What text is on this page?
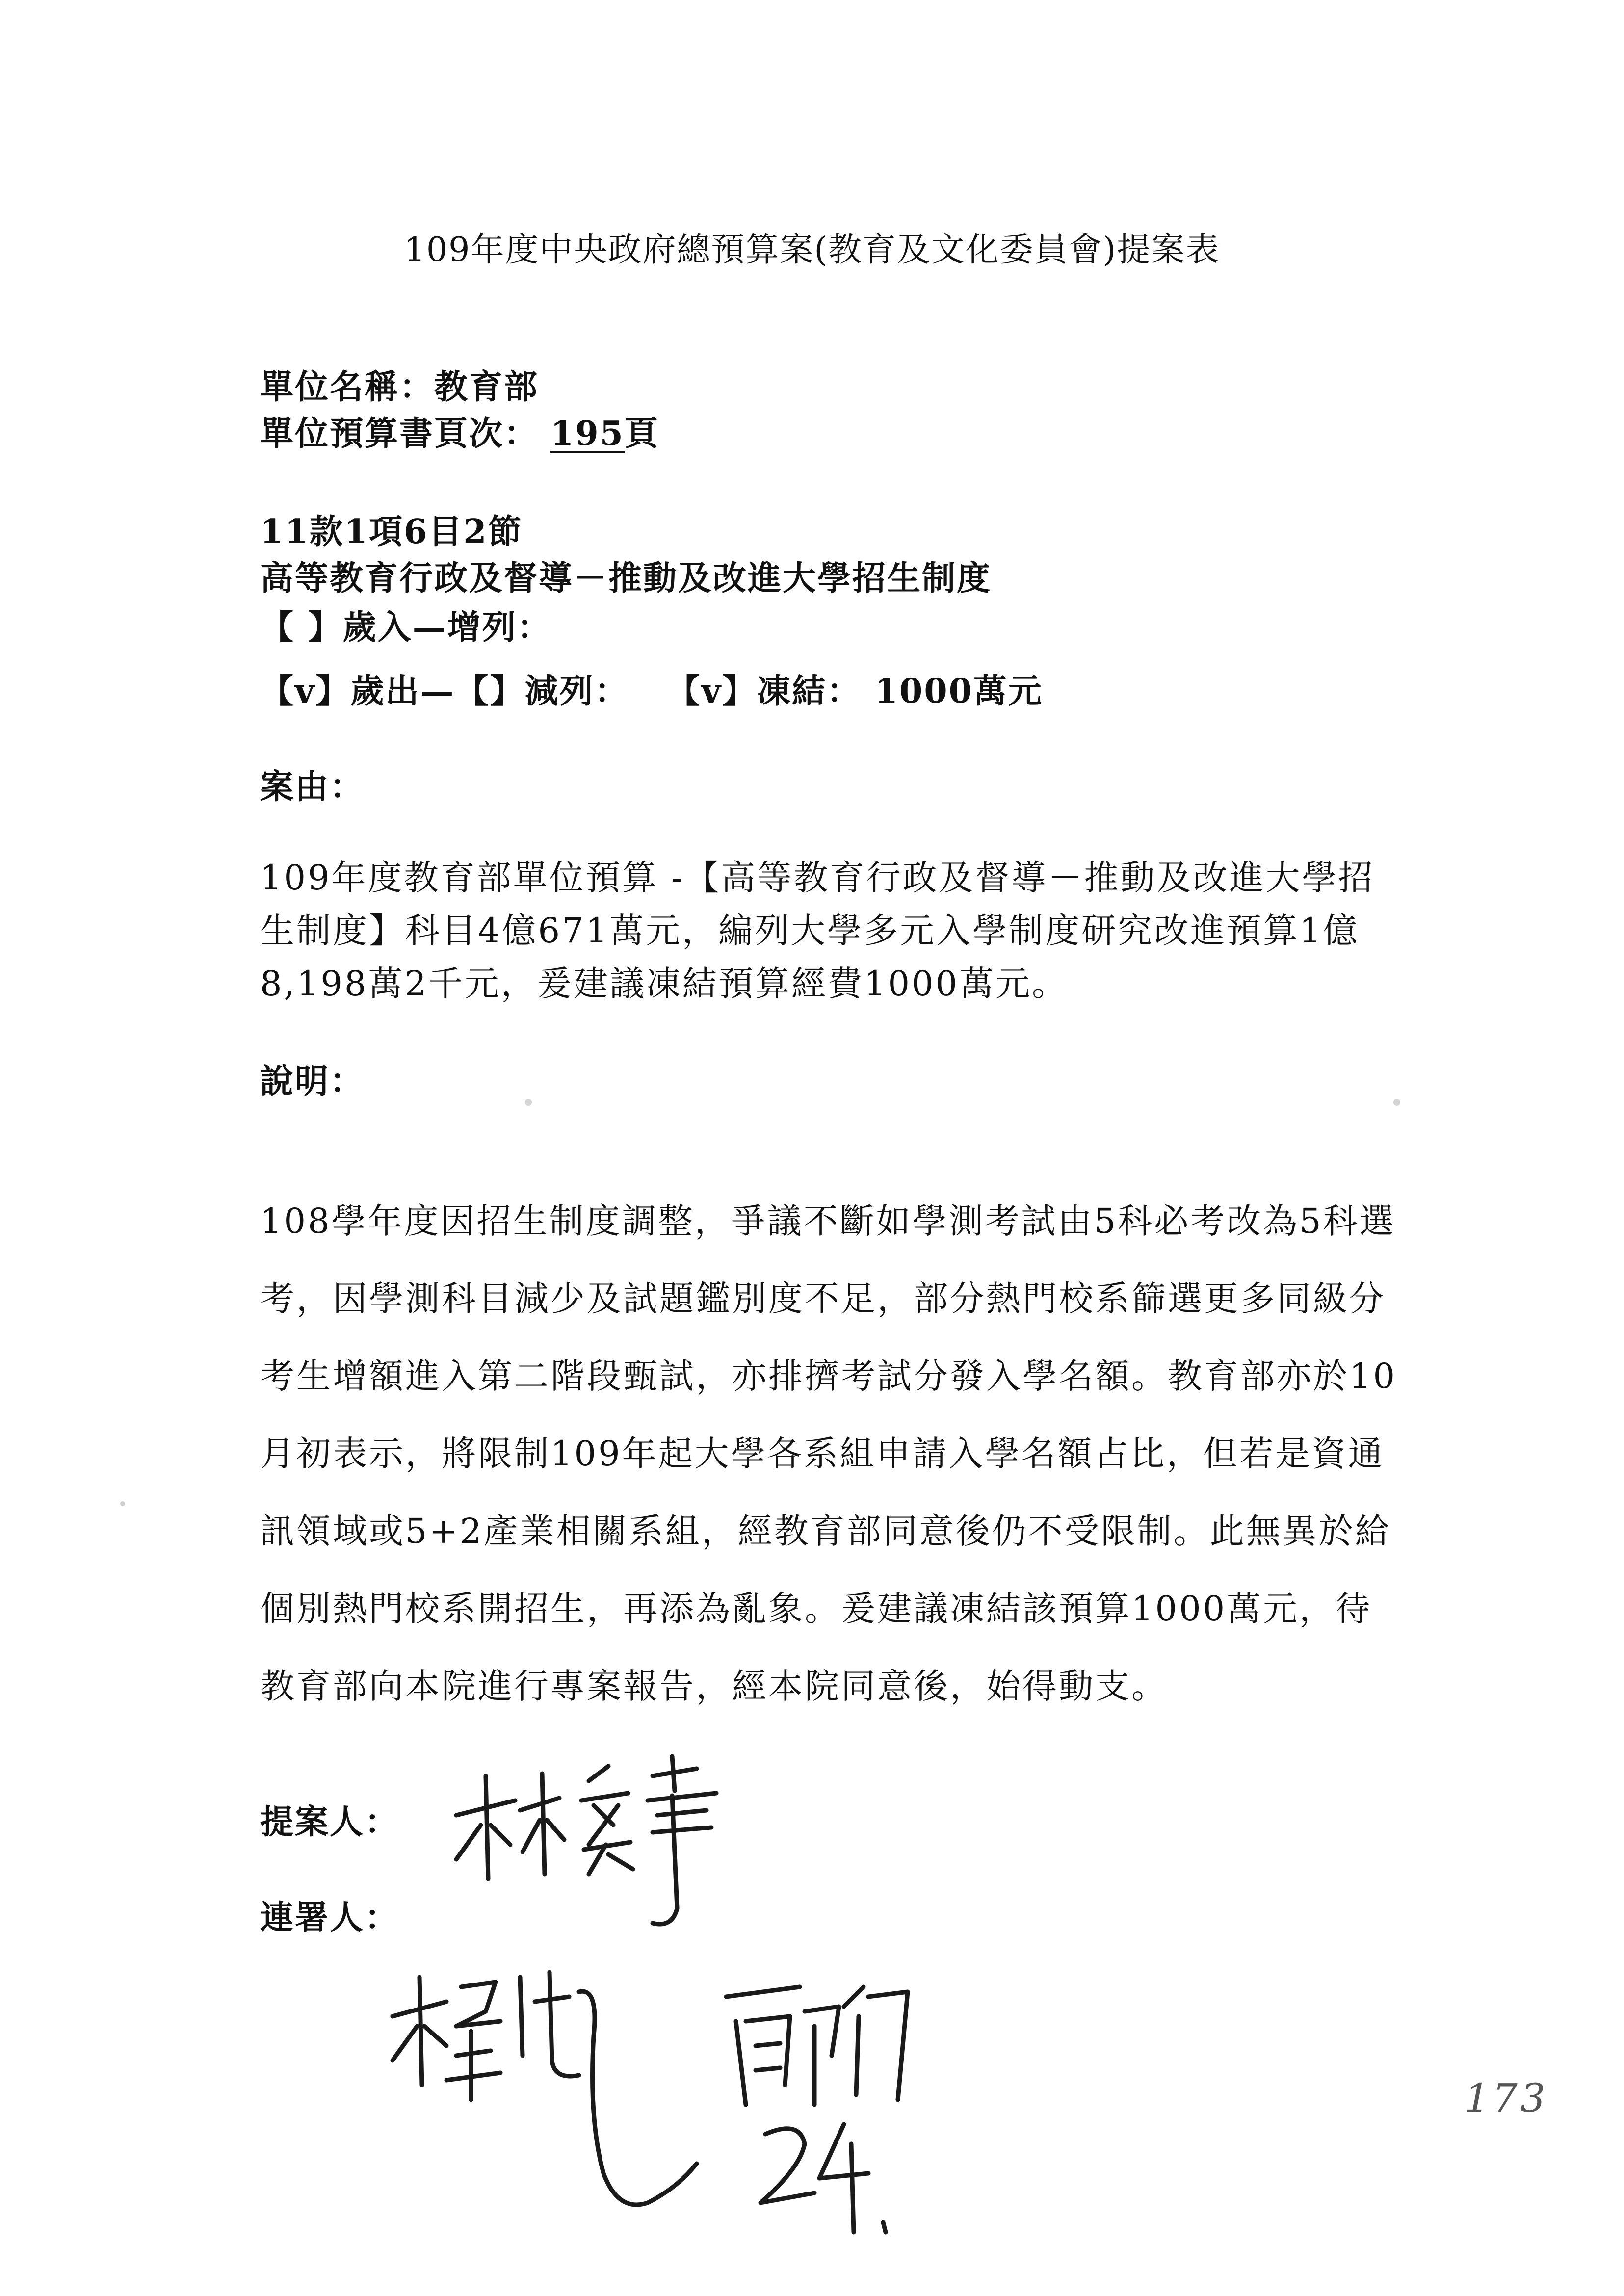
109年度中央政府總預算案(教育及文化委員會)提案表
單位名稱：教育部
單位預算書頁次： 195頁
11款1項6目2節
高等教育行政及督導－推動及改進大學招生制度
【 】歲入—增列：
【v】歲出—【】減列： 【v】凍結： 1000萬元
案由：
109年度教育部單位預算 -【高等教育行政及督導－推動及改進大學招生制度】科目4億671萬元，編列大學多元入學制度研究改進預算1億8,198萬2千元，爰建議凍結預算經費1000萬元。
說明：
108學年度因招生制度調整，爭議不斷如學測考試由5科必考改為5科選考，因學測科目減少及試題鑑別度不足，部分熱門校系篩選更多同級分考生增額進入第二階段甄試，亦排擠考試分發入學名額。教育部亦於10月初表示，將限制109年起大學各系組申請入學名額占比，但若是資通訊領域或5+2產業相關系組，經教育部同意後仍不受限制。此無異於給個別熱門校系開招生，再添為亂象。爰建議凍結該預算1000萬元，待教育部向本院進行專案報告，經本院同意後，始得動支。
提案人：
連署人：
173
